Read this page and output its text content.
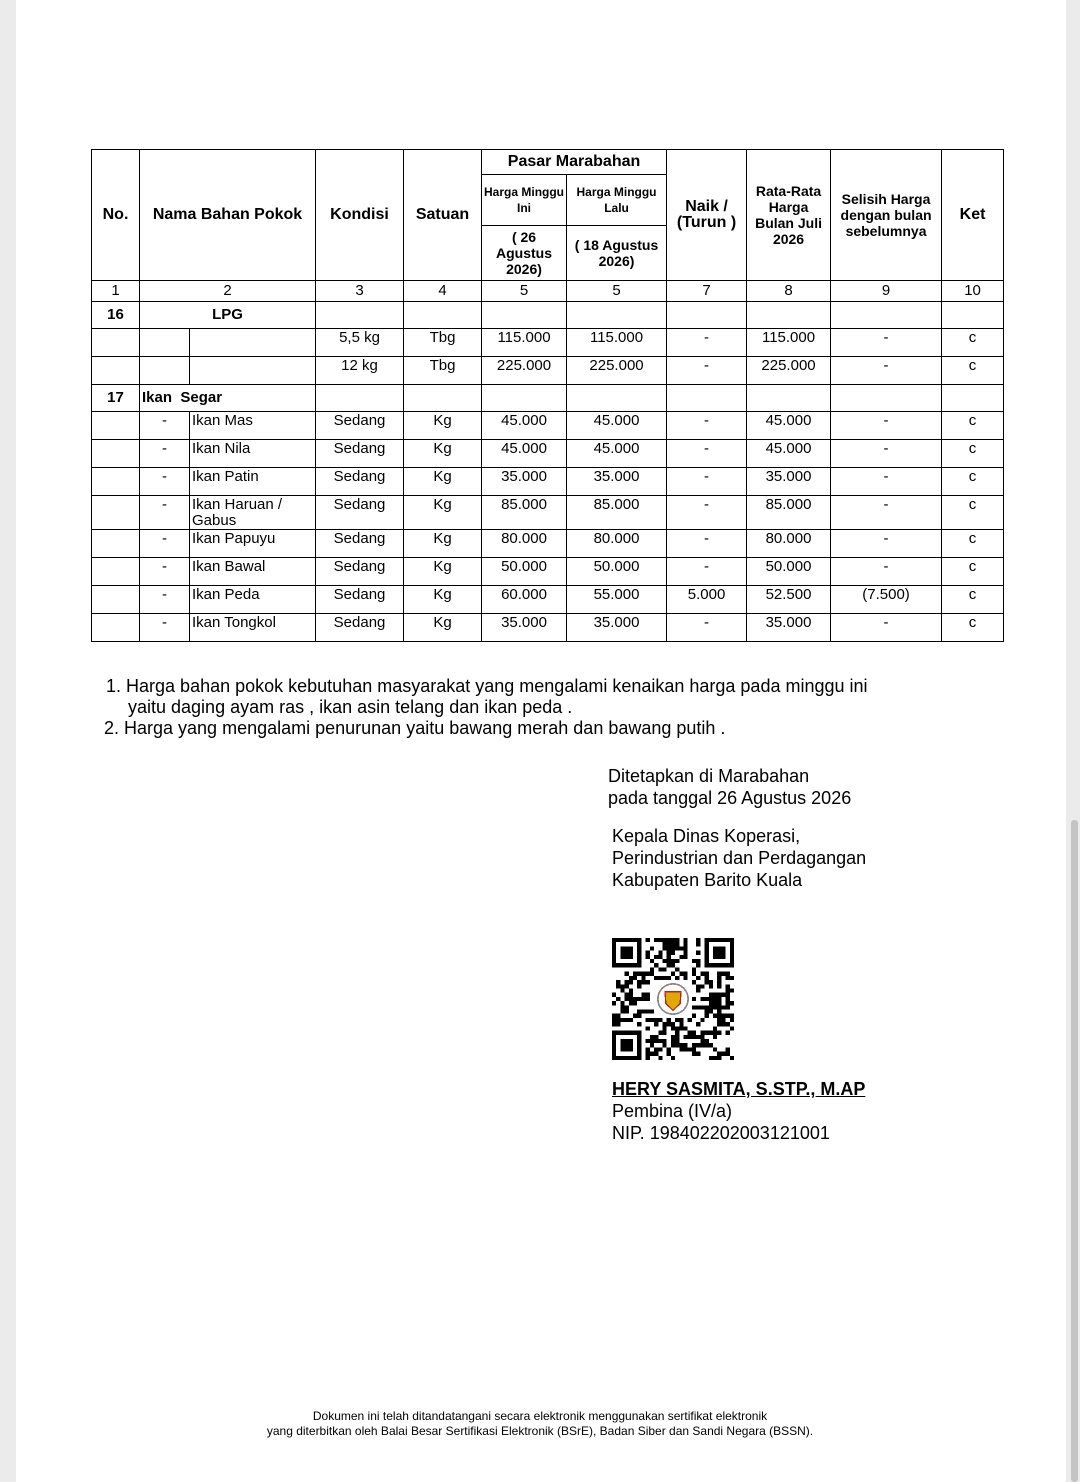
No.	Nama Bahan Pokok		Kondisi	Satuan	Pasar Marabahan		Naik / (Turun )	Rata-Rata Harga Bulan Juli 2026	Selisih Harga dengan bulan sebelumnya	Ket
					Harga Minggu Ini	Harga Minggu Lalu				
					( 26 Agustus 2026)	( 18 Agustus 2026)				
1	2		3	4	5	5	7	8	9	10
16	LPG									
			5,5 kg	Tbg	115.000	115.000	-	115.000	-	c
			12 kg	Tbg	225.000	225.000	-	225.000	-	c
17	Ikan  Segar									
	-	Ikan Mas	Sedang	Kg	45.000	45.000	-	45.000	-	c
	-	Ikan Nila	Sedang	Kg	45.000	45.000	-	45.000	-	c
	-	Ikan Patin	Sedang	Kg	35.000	35.000	-	35.000	-	c
	-	Ikan Haruan / Gabus	Sedang	Kg	85.000	85.000	-	85.000	-	c
	-	Ikan Papuyu	Sedang	Kg	80.000	80.000	-	80.000	-	c
	-	Ikan Bawal	Sedang	Kg	50.000	50.000	-	50.000	-	c
	-	Ikan Peda	Sedang	Kg	60.000	55.000	5.000	52.500	(7.500)	c
	-	Ikan Tongkol	Sedang	Kg	35.000	35.000	-	35.000	-	c
1. Harga bahan pokok kebutuhan masyarakat yang mengalami kenaikan harga pada minggu ini
yaitu daging ayam ras , ikan asin telang dan ikan peda .
2. Harga yang mengalami penurunan yaitu bawang merah dan bawang putih .
Ditetapkan di Marabahan
pada tanggal 26 Agustus 2026
Kepala Dinas Koperasi,
Perindustrian dan Perdagangan
Kabupaten Barito Kuala
HERY SASMITA, S.STP., M.AP
Pembina (IV/a)
NIP. 198402202003121001
Dokumen ini telah ditandatangani secara elektronik menggunakan sertifikat elektronik
yang diterbitkan oleh Balai Besar Sertifikasi Elektronik (BSrE), Badan Siber dan Sandi Negara (BSSN).
